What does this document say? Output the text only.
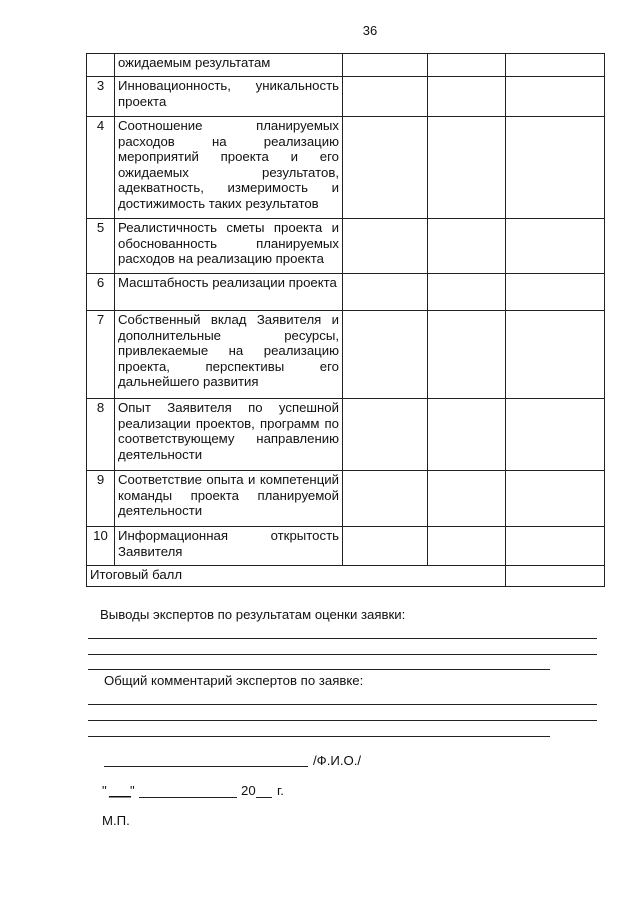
36
	ожидаемым результатам			
3	Инновационность, уникальность проекта			
4	Соотношение планируемых расходов на реализацию мероприятий проекта и его ожидаемых результатов, адекватность, измеримость и достижимость таких результатов			
5	Реалистичность сметы проекта и обоснованность планируемых расходов на реализацию проекта			
6	Масштабность реализации проекта			
7	Собственный вклад Заявителя и дополнительные ресурсы, привлекаемые на реализацию проекта, перспективы его дальнейшего развития			
8	Опыт Заявителя по успешной реализации проектов, программ по соответствующему направлению деятельности			
9	Соответствие опыта и компетенций команды проекта планируемой деятельности			
10	Информационная открытость Заявителя			
Итоговый балл				
Выводы экспертов по результатам оценки заявки:
Общий комментарий экспертов по заявке:
/Ф.И.О./
" ___
"	20 г.
М.П.
